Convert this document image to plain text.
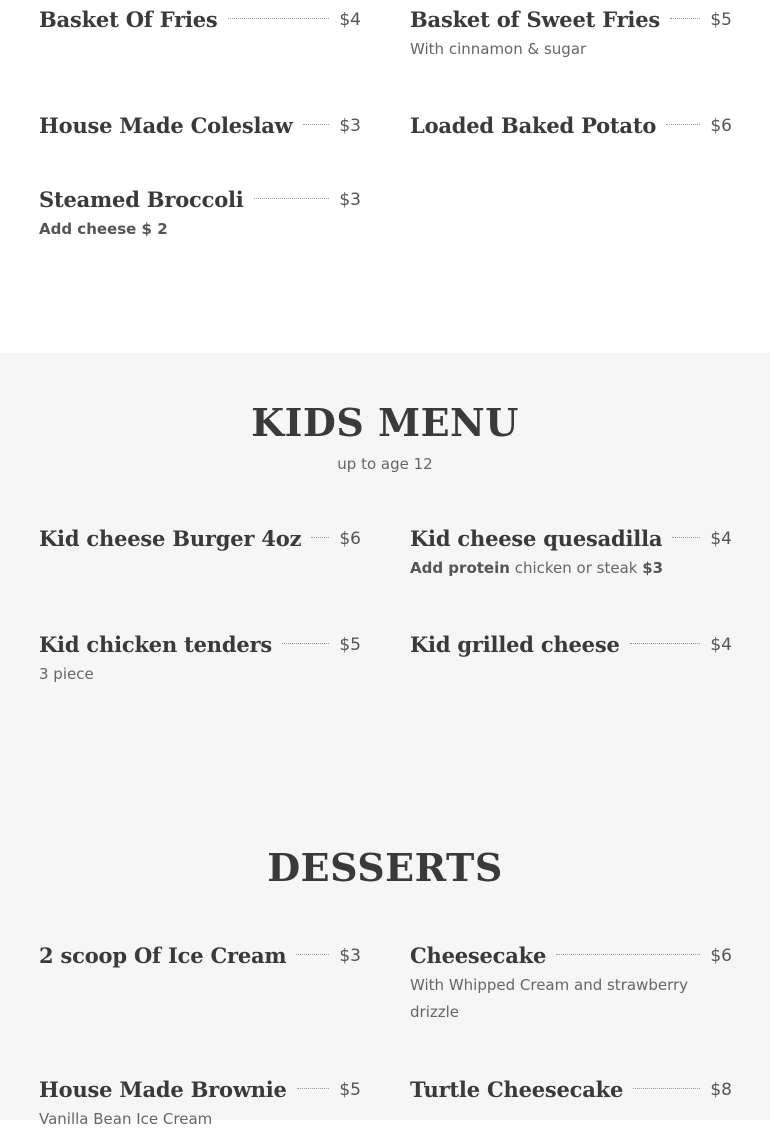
Basket Of Fries	$4 Basket of Sweet Fries	$5
With cinnamon & sugar
House Made Coleslaw	$3 Loaded Baked Potato	$6
Steamed Broccoli	$3
Add cheese $ 2
KIDS MENU
up to age 12
Kid cheese Burger 4oz $6 Kid cheese quesadilla	$4
Add protein chicken or steak $3
Kid chicken tenders	$5
3 piece
Kid grilled cheese	$4
DESSERTS
2 scoop Of Ice Cream	$3 Cheesecake	$6
With Whipped Cream and strawberry drizzle
House Made Brownie	$5
Vanilla Bean Ice Cream
Turtle Cheesecake	$8
